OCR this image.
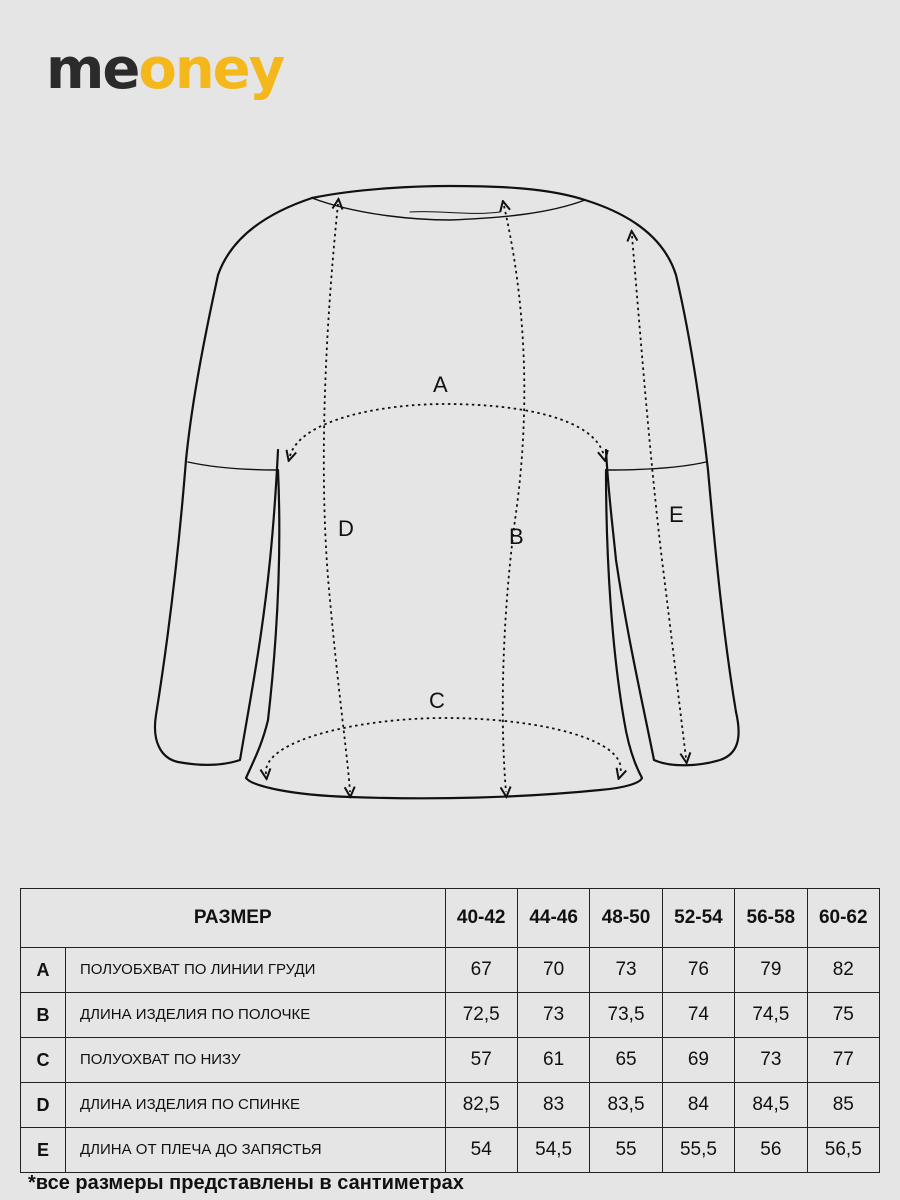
meoney
A
B
C
D
E
РАЗМЕР		40-42	44-46	48-50	52-54	56-58	60-62
A	ПОЛУОБХВАТ ПО ЛИНИИ ГРУДИ	67	70	73	76	79	82
B	ДЛИНА ИЗДЕЛИЯ ПО ПОЛОЧКЕ	72,5	73	73,5	74	74,5	75
C	ПОЛУОХВАТ ПО НИЗУ	57	61	65	69	73	77
D	ДЛИНА ИЗДЕЛИЯ ПО СПИНКЕ	82,5	83	83,5	84	84,5	85
E	ДЛИНА ОТ ПЛЕЧА ДО ЗАПЯСТЬЯ	54	54,5	55	55,5	56	56,5
*все размеры представлены в сантиметрах
